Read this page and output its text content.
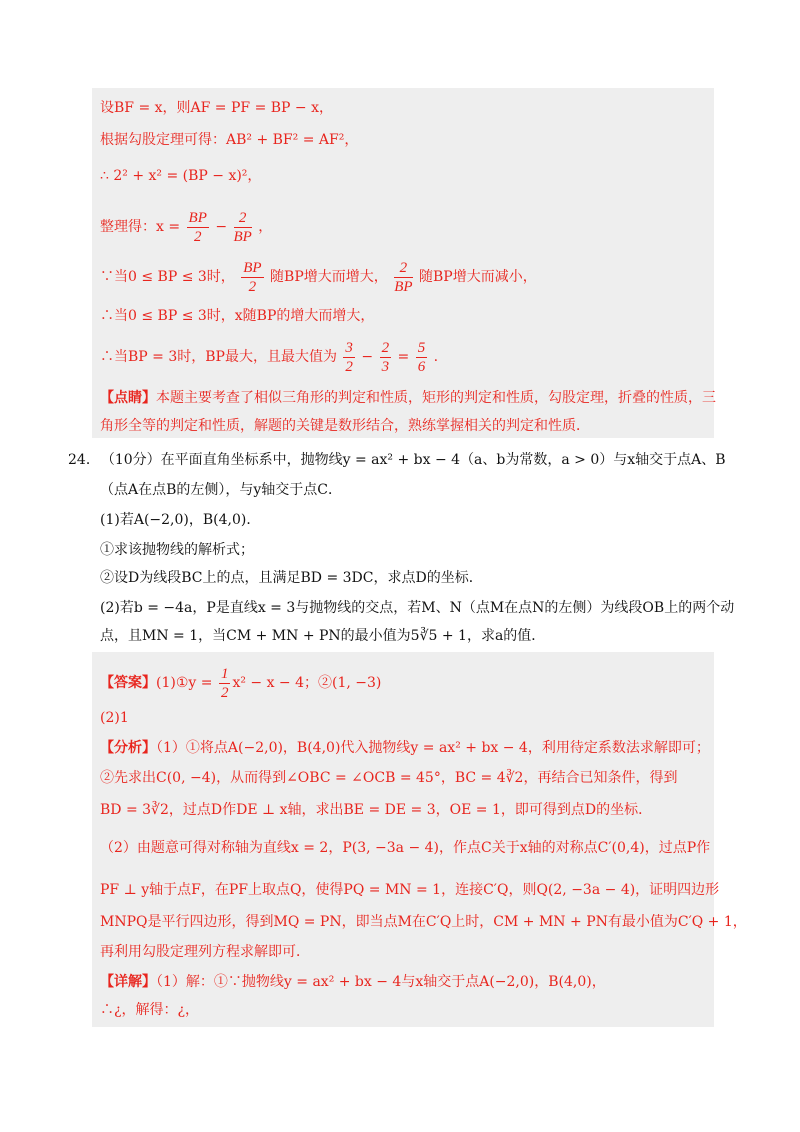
设BF = x，则AF = PF = BP − x，
根据勾股定理可得：AB² + BF² = AF²，
∴ 2² + x² = (BP − x)²，
整理得：$x = \frac{BP}{2} - \frac{2}{BP}$ ，
∵当0 ≤ BP ≤ 3时， $\frac{BP}{2}$ 随BP增大而增大， $\frac{2}{BP}$ 随BP增大而减小，
∴当0 ≤ BP ≤ 3时，x随BP的增大而增大，
∴当BP = 3时，BP最大，且最大值为 $\frac{3}{2} - \frac{2}{3} = \frac{5}{6}$ .
【点睛】本题主要考查了相似三角形的判定和性质，矩形的判定和性质，勾股定理，折叠的性质，三
角形全等的判定和性质，解题的关键是数形结合，熟练掌握相关的判定和性质．
24． （10分）在平面直角坐标系中，抛物线y = ax² + bx − 4（a、b为常数，a > 0）与x轴交于点A、B
（点A在点B的左侧），与y轴交于点C．
(1)若A(−2,0)，B(4,0)．
①求该抛物线的解析式；
②设D为线段BC上的点，且满足BD = 3DC，求点D的坐标．
(2)若b = −4a，P是直线x = 3与抛物线的交点，若M、N（点M在点N的左侧）为线段OB上的两个动
点，且MN = 1，当CM + MN + PN的最小值为5∛5 + 1，求a的值．
【答案】(1)①y = $\frac{1}{2} x^2 - x - 4$；②(1, −3)
(2)1
【分析】（1）①将点A(−2,0)，B(4,0)代入抛物线y = ax² + bx − 4，利用待定系数法求解即可；
②先求出C(0, −4)，从而得到∠OBC = ∠OCB = 45°，BC = 4∛2，再结合已知条件，得到
BD = 3∛2，过点D作DE ⊥ x轴，求出BE = DE = 3，OE = 1，即可得到点D的坐标．
（2）由题意可得对称轴为直线x = 2，P(3, −3a − 4)，作点C关于x轴的对称点C′(0,4)，过点P作
PF ⊥ y轴于点F，在PF上取点Q，使得PQ = MN = 1，连接C′Q，则Q(2, −3a − 4)，证明四边形
MNPQ是平行四边形，得到MQ = PN，即当点M在C′Q上时，CM + MN + PN有最小值为C′Q + 1，
再利用勾股定理列方程求解即可．
【详解】（1）解：①∵抛物线y = ax² + bx − 4与x轴交于点A(−2,0)，B(4,0)，
∴¿，解得：¿，
